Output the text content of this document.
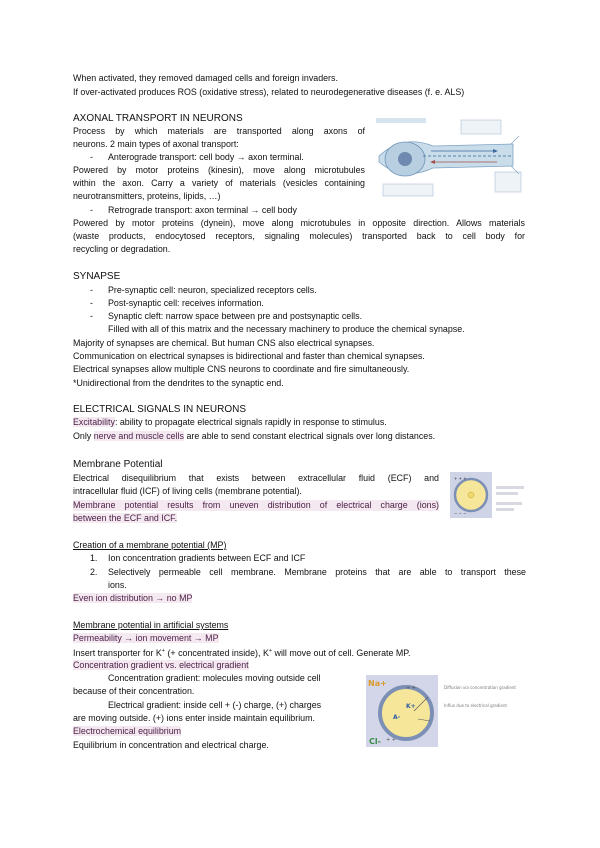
When activated, they removed damaged cells and foreign invaders.
If over-activated produces ROS (oxidative stress), related to neurodegenerative diseases (f. e. ALS)
AXONAL TRANSPORT IN NEURONS
Process by which materials are transported along axons of
neurons. 2 main types of axonal transport:
- Anterograde transport: cell body → axon terminal.
Powered by motor proteins (kinesin), move along microtubules
within the axon. Carry a variety of materials (vesicles containing
neurotransmitters, proteins, lipids, …)
- Retrograde transport: axon terminal → cell body
Powered by motor proteins (dynein), move along microtubules in opposite direction. Allows materials
(waste products, endocytosed receptors, signaling molecules) transported back to cell body for
recycling or degradation.
SYNAPSE
- Pre-synaptic cell: neuron, specialized receptors cells.
- Post-synaptic cell: receives information.
- Synaptic cleft: narrow space between pre and postsynaptic cells.
Filled with all of this matrix and the necessary machinery to produce the chemical synapse.
Majority of synapses are chemical. But human CNS also electrical synapses.
Communication on electrical synapses is bidirectional and faster than chemical synapses.
Electrical synapses allow multiple CNS neurons to coordinate and fire simultaneously.
*Unidirectional from the dendrites to the synaptic end.
ELECTRICAL SIGNALS IN NEURONS
Excitability: ability to propagate electrical signals rapidly in response to stimulus.
Only nerve and muscle cells are able to send constant electrical signals over long distances.
Membrane Potential
Electrical disequilibrium that exists between extracellular fluid (ECF) and
intracellular fluid (ICF) of living cells (membrane potential).
Membrane potential results from uneven distribution of electrical charge (ions)
between the ECF and ICF.
+ + +
− − −
Creation of a membrane potential (MP)
1. Ion concentration gradients between ECF and ICF
2. Selectively permeable cell membrane. Membrane proteins that are able to transport these
ions.
Even ion distribution → no MP
Membrane potential in artificial systems
Permeability → ion movement → MP
Insert transporter for K+ (+ concentrated inside), K+ will move out of cell. Generate MP.
Concentration gradient vs. electrical gradient
Concentration gradient: molecules moving outside cell
because of their concentration.
Electrical gradient: inside cell + (-) charge, (+) charges
are moving outside. (+) ions enter inside maintain equilibrium.
Electrochemical equilibrium
Equilibrium in concentration and electrical charge.
Na+
Cl-
K+
A-
+ +
+ +
Diffusion via concentration gradient
Influx due to electrical gradient
